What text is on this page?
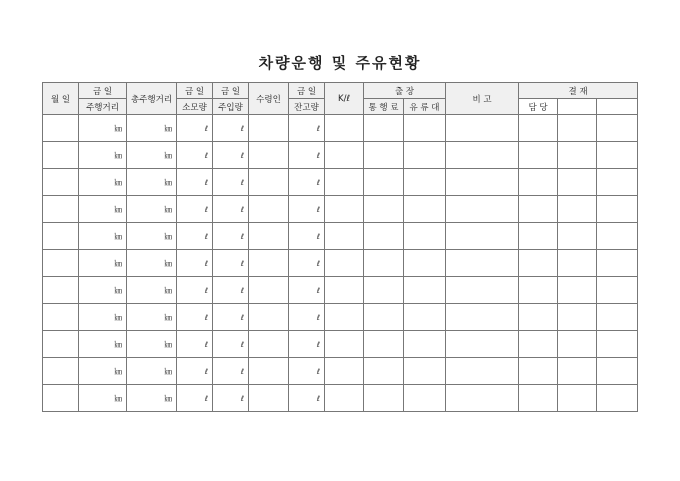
차량운행 및 주유현황
월 일	금 일	총주행거리	금 일	금 일	수령인	금 일	K/ℓ	출 장		비 고	결 재		
	주행거리		소모량	주입량		잔고량		통 행 료	유 류 대		담 당		

	㎞	㎞	ℓ	ℓ		ℓ							

	㎞	㎞	ℓ	ℓ		ℓ							

	㎞	㎞	ℓ	ℓ		ℓ							

	㎞	㎞	ℓ	ℓ		ℓ							

	㎞	㎞	ℓ	ℓ		ℓ							

	㎞	㎞	ℓ	ℓ		ℓ							

	㎞	㎞	ℓ	ℓ		ℓ							

	㎞	㎞	ℓ	ℓ		ℓ							

	㎞	㎞	ℓ	ℓ		ℓ							

	㎞	㎞	ℓ	ℓ		ℓ							

	㎞	㎞	ℓ	ℓ		ℓ							
